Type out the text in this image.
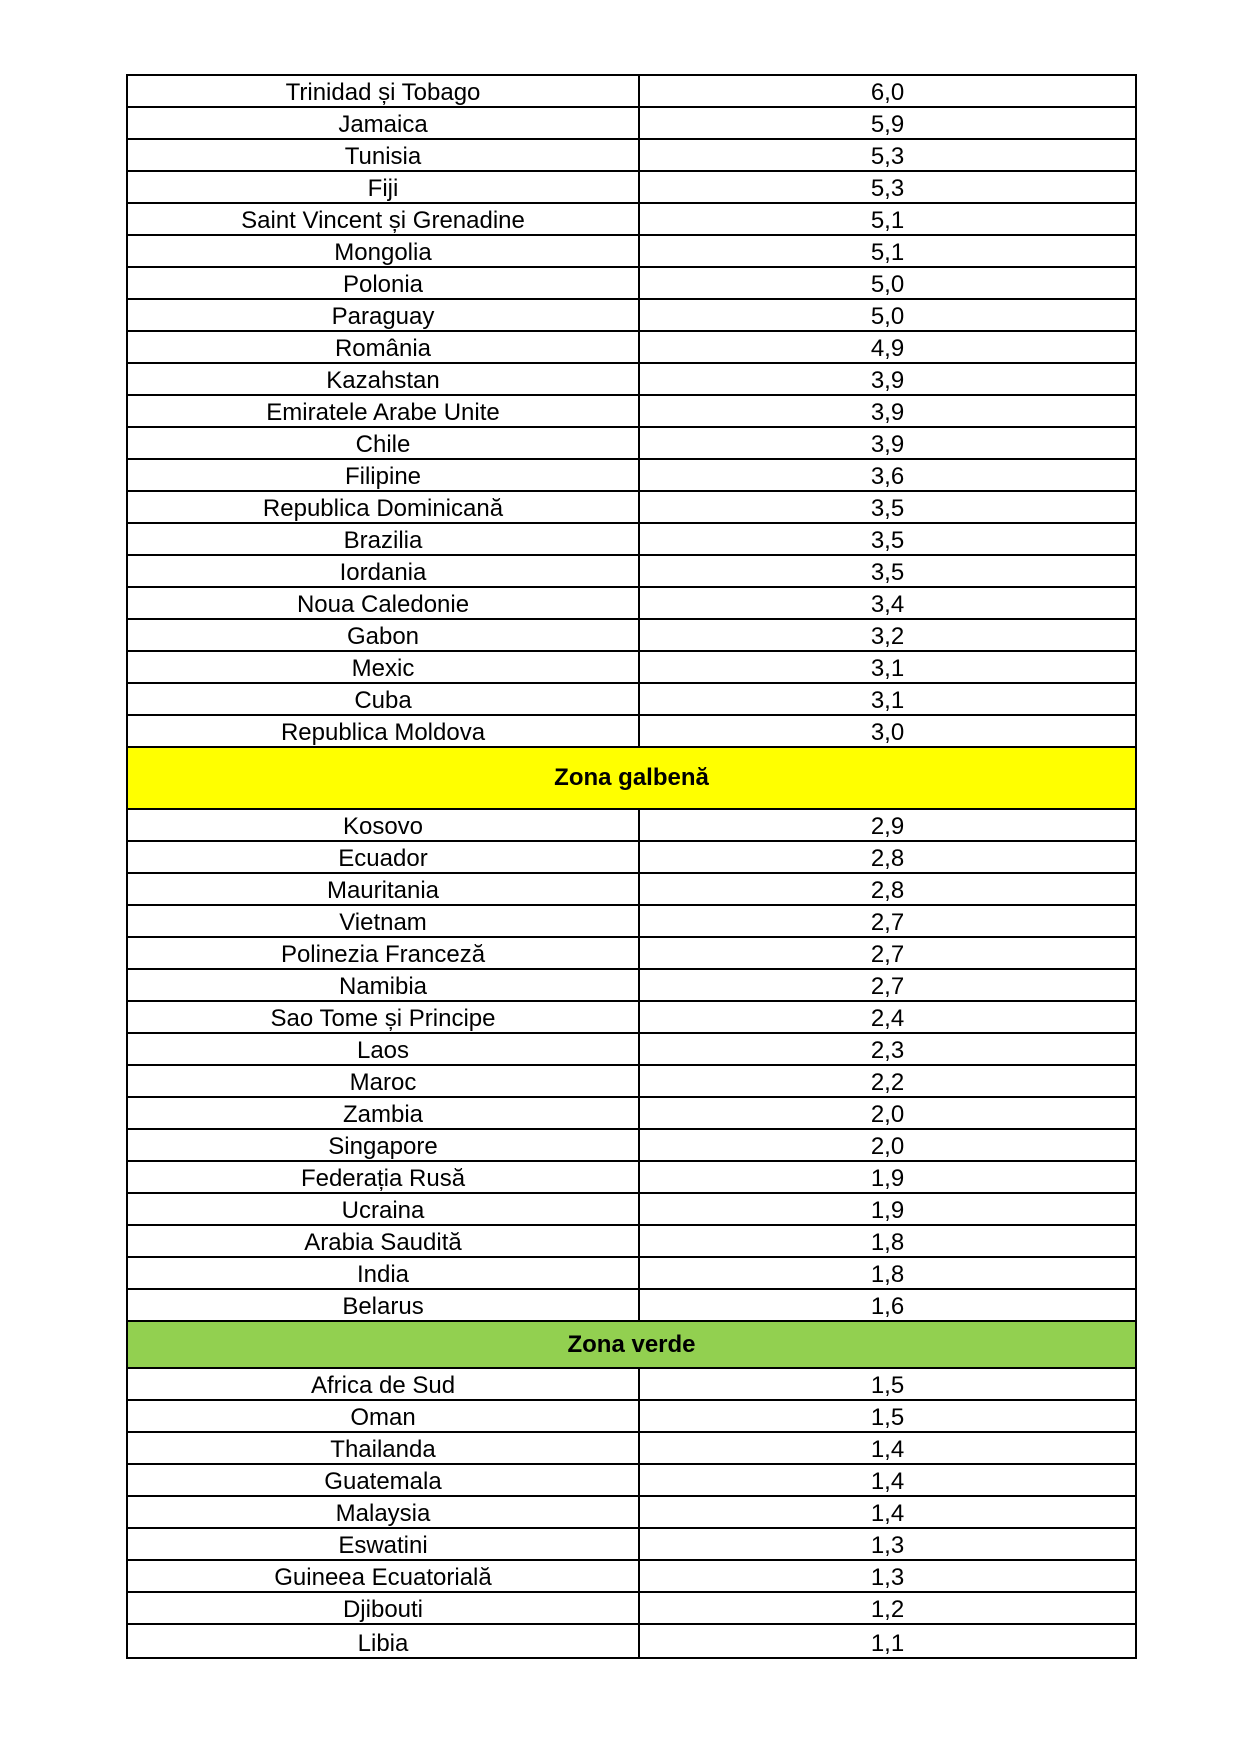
Trinidad și Tobago	6,0
Jamaica	5,9
Tunisia	5,3
Fiji	5,3
Saint Vincent și Grenadine	5,1
Mongolia	5,1
Polonia	5,0
Paraguay	5,0
România	4,9
Kazahstan	3,9
Emiratele Arabe Unite	3,9
Chile	3,9
Filipine	3,6
Republica Dominicană	3,5
Brazilia	3,5
Iordania	3,5
Noua Caledonie	3,4
Gabon	3,2
Mexic	3,1
Cuba	3,1
Republica Moldova	3,0
Zona galbenă
Kosovo	2,9
Ecuador	2,8
Mauritania	2,8
Vietnam	2,7
Polinezia Franceză	2,7
Namibia	2,7
Sao Tome și Principe	2,4
Laos	2,3
Maroc	2,2
Zambia	2,0
Singapore	2,0
Federația Rusă	1,9
Ucraina	1,9
Arabia Saudită	1,8
India	1,8
Belarus	1,6
Zona verde
Africa de Sud	1,5
Oman	1,5
Thailanda	1,4
Guatemala	1,4
Malaysia	1,4
Eswatini	1,3
Guineea Ecuatorială	1,3
Djibouti	1,2
Libia	1,1
